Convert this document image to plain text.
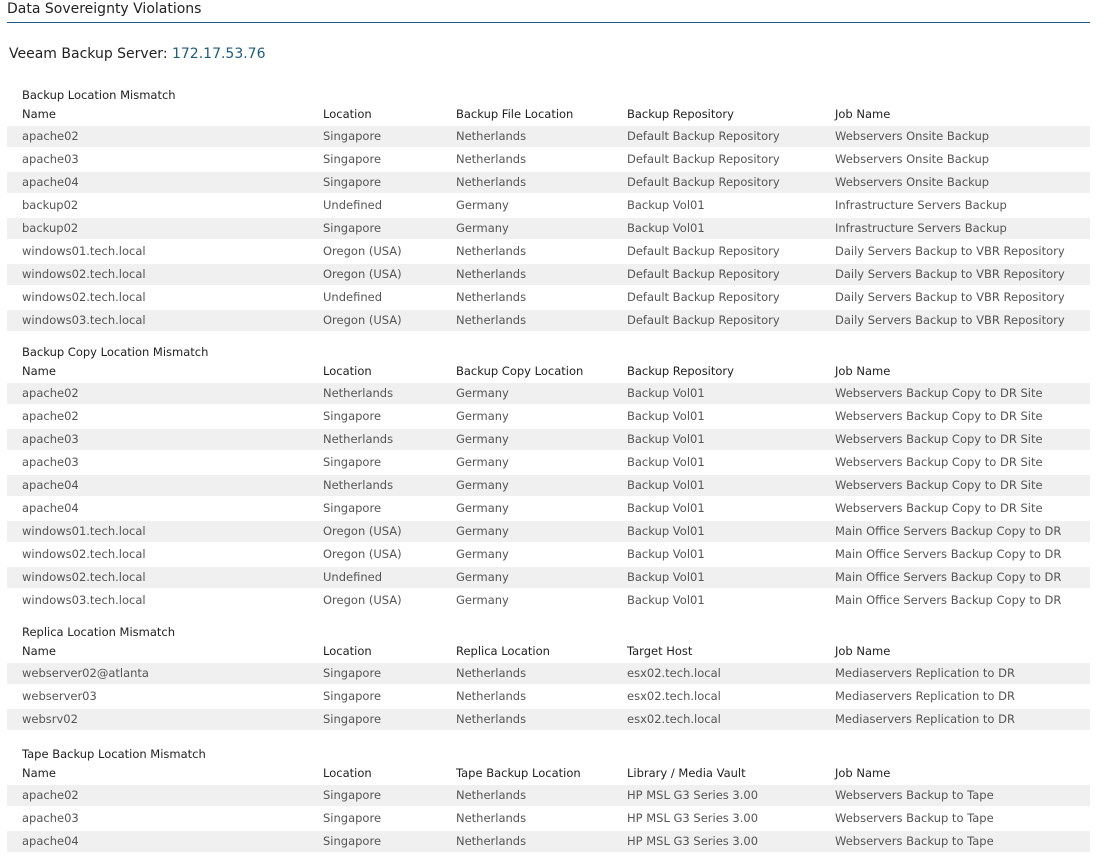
Data Sovereignty Violations
Veeam Backup Server: 172.17.53.76
Backup Location Mismatch
Name	Location	Backup File Location	Backup Repository	Job Name
apache02	Singapore	Netherlands	Default Backup Repository	Webservers Onsite Backup
apache03	Singapore	Netherlands	Default Backup Repository	Webservers Onsite Backup
apache04	Singapore	Netherlands	Default Backup Repository	Webservers Onsite Backup
backup02	Undefined	Germany	Backup Vol01	Infrastructure Servers Backup
backup02	Singapore	Germany	Backup Vol01	Infrastructure Servers Backup
windows01.tech.local	Oregon (USA)	Netherlands	Default Backup Repository	Daily Servers Backup to VBR Repository
windows02.tech.local	Oregon (USA)	Netherlands	Default Backup Repository	Daily Servers Backup to VBR Repository
windows02.tech.local	Undefined	Netherlands	Default Backup Repository	Daily Servers Backup to VBR Repository
windows03.tech.local	Oregon (USA)	Netherlands	Default Backup Repository	Daily Servers Backup to VBR Repository
Backup Copy Location Mismatch
Name	Location	Backup Copy Location	Backup Repository	Job Name
apache02	Netherlands	Germany	Backup Vol01	Webservers Backup Copy to DR Site
apache02	Singapore	Germany	Backup Vol01	Webservers Backup Copy to DR Site
apache03	Netherlands	Germany	Backup Vol01	Webservers Backup Copy to DR Site
apache03	Singapore	Germany	Backup Vol01	Webservers Backup Copy to DR Site
apache04	Netherlands	Germany	Backup Vol01	Webservers Backup Copy to DR Site
apache04	Singapore	Germany	Backup Vol01	Webservers Backup Copy to DR Site
windows01.tech.local	Oregon (USA)	Germany	Backup Vol01	Main Office Servers Backup Copy to DR
windows02.tech.local	Oregon (USA)	Germany	Backup Vol01	Main Office Servers Backup Copy to DR
windows02.tech.local	Undefined	Germany	Backup Vol01	Main Office Servers Backup Copy to DR
windows03.tech.local	Oregon (USA)	Germany	Backup Vol01	Main Office Servers Backup Copy to DR
Replica Location Mismatch
Name	Location	Replica Location	Target Host	Job Name
webserver02@atlanta	Singapore	Netherlands	esx02.tech.local	Mediaservers Replication to DR
webserver03	Singapore	Netherlands	esx02.tech.local	Mediaservers Replication to DR
websrv02	Singapore	Netherlands	esx02.tech.local	Mediaservers Replication to DR
Tape Backup Location Mismatch
Name	Location	Tape Backup Location	Library / Media Vault	Job Name
apache02	Singapore	Netherlands	HP MSL G3 Series 3.00	Webservers Backup to Tape
apache03	Singapore	Netherlands	HP MSL G3 Series 3.00	Webservers Backup to Tape
apache04	Singapore	Netherlands	HP MSL G3 Series 3.00	Webservers Backup to Tape
